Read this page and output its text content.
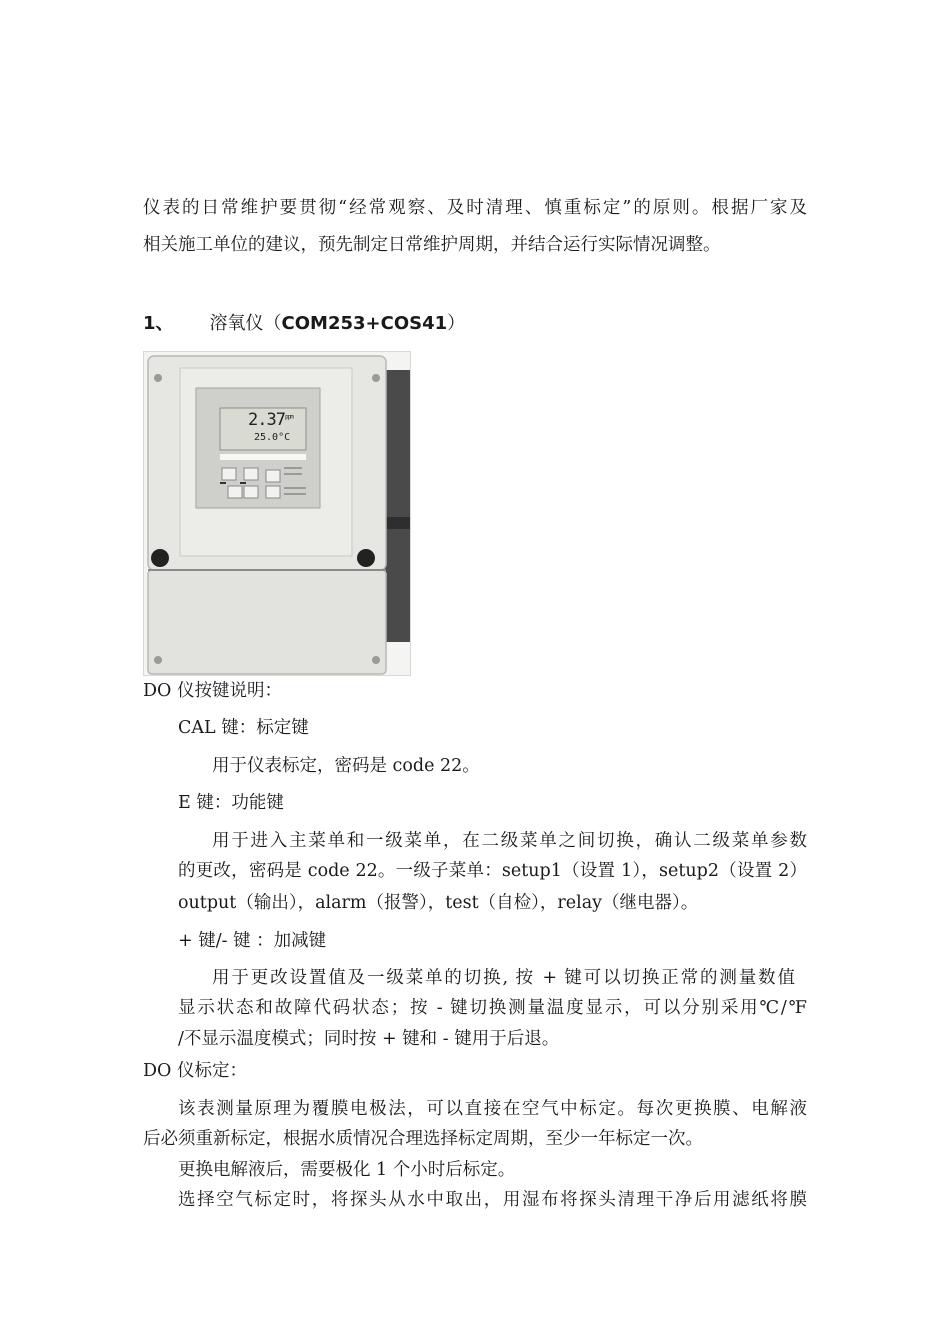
仪表的日常维护要贯彻“经常观察、及时清理、慎重标定”的原则。根据厂家及
相关施工单位的建议，预先制定日常维护周期，并结合运行实际情况调整。
1、 溶氧仪（COM253+COS41）
$2.37^{ppm}$
25.0°C
DO 仪按键说明：
CAL 键：标定键
用于仪表标定，密码是 code 22。
E 键：功能键
用于进入主菜单和一级菜单，在二级菜单之间切换，确认二级菜单参数
的更改，密码是 code 22。一级子菜单：setup1（设置 1），setup2（设置 2）
output（输出），alarm（报警），test（自检），relay（继电器）。
+ 键/- 键 ：加减键
用于更改设置值及一级菜单的切换, 按 + 键可以切换正常的测量数值
显示状态和故障代码状态；按 - 键切换测量温度显示，可以分别采用℃/℉
/不显示温度模式；同时按 + 键和 - 键用于后退。
DO 仪标定：
该表测量原理为覆膜电极法，可以直接在空气中标定。每次更换膜、电解液
后必须重新标定，根据水质情况合理选择标定周期，至少一年标定一次。
更换电解液后，需要极化 1 个小时后标定。
选择空气标定时，将探头从水中取出，用湿布将探头清理干净后用滤纸将膜
